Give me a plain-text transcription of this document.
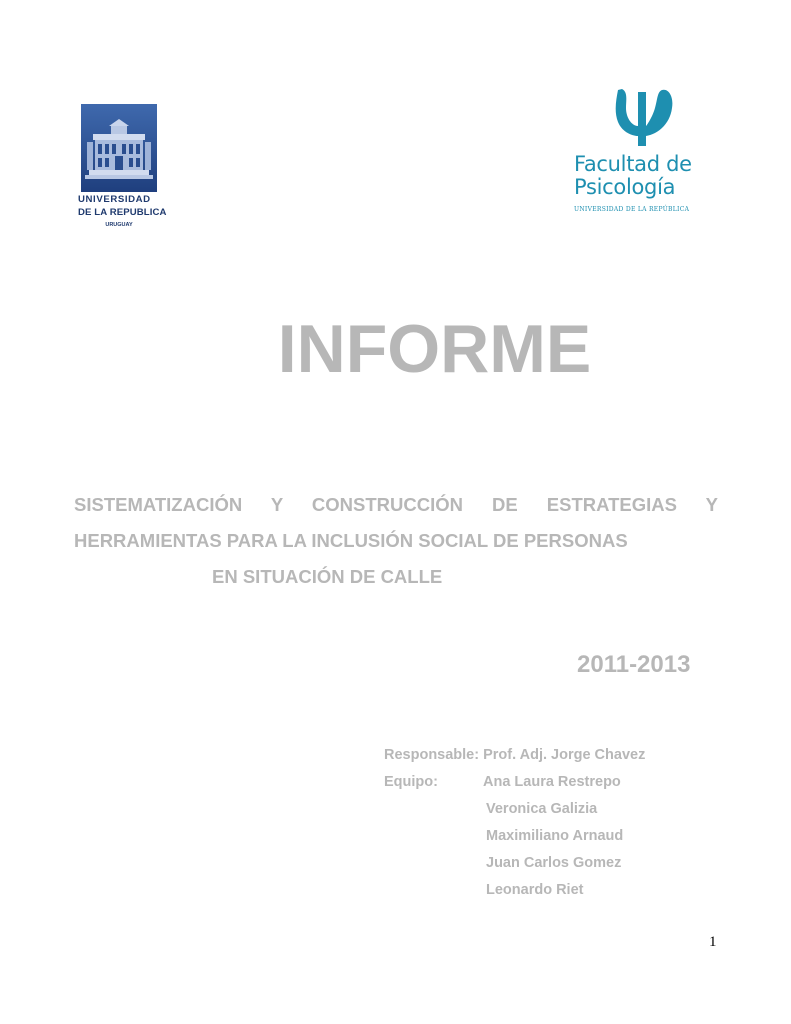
UNIVERSIDAD
DE LA REPUBLICA
URUGUAY
Facultad de
Psicología
UNIVERSIDAD DE LA REPÚBLICA
INFORME
SISTEMATIZACIÓN Y CONSTRUCCIÓN DE ESTRATEGIAS Y
HERRAMIENTAS PARA LA INCLUSIÓN SOCIAL DE PERSONAS
EN SITUACIÓN DE CALLE
2011-2013
Responsable: Prof. Adj. Jorge Chavez
Equipo:	Ana Laura Restrepo
Veronica Galizia
Maximiliano Arnaud
Juan Carlos Gomez
Leonardo Riet
1
